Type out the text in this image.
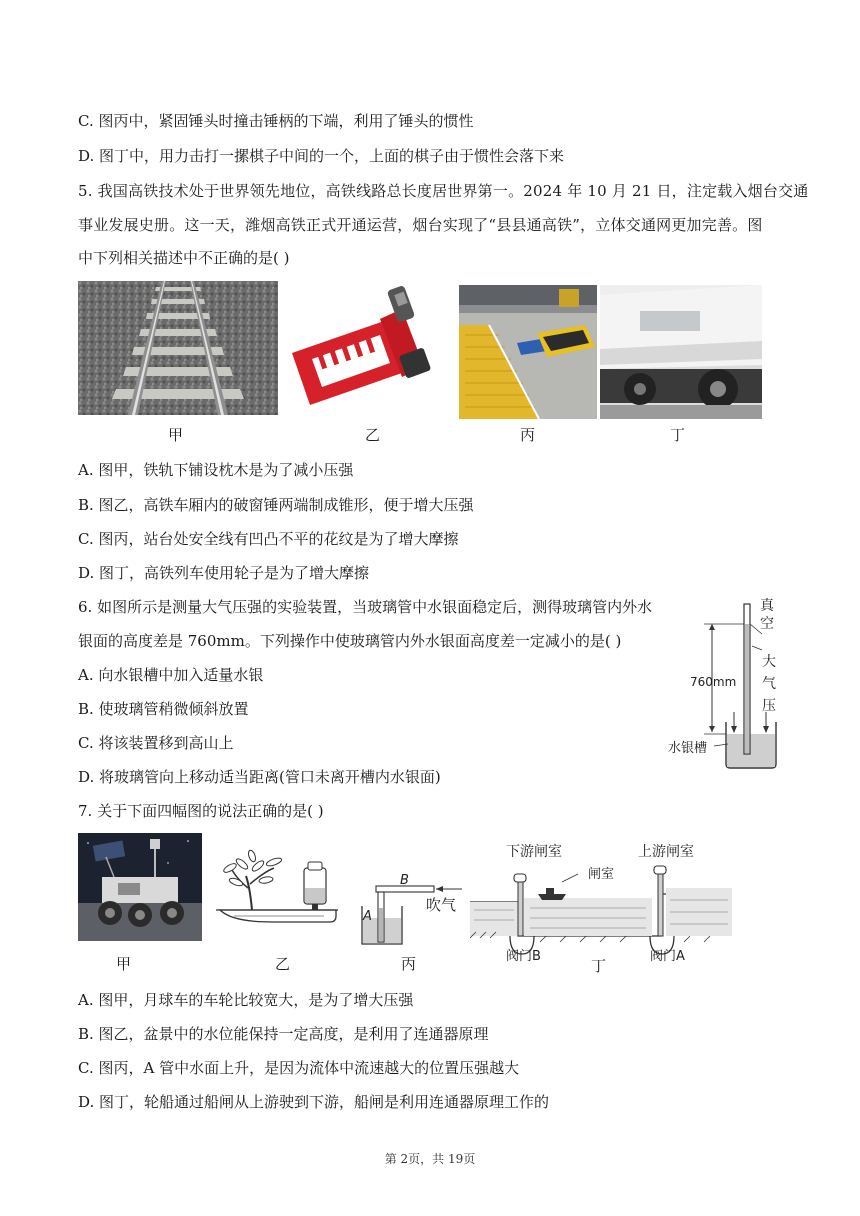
C. 图丙中，紧固锤头时撞击锤柄的下端，利用了锤头的惯性
D. 图丁中，用力击打一摞棋子中间的一个，上面的棋子由于惯性会落下来
5. 我国高铁技术处于世界领先地位，高铁线路总长度居世界第一。2024 年 10 月 21 日，注定载入烟台交通
事业发展史册。这一天，潍烟高铁正式开通运营，烟台实现了“县县通高铁”，立体交通网更加完善。图
中下列相关描述中不正确的是( )
甲	乙	丙	丁
A. 图甲，铁轨下铺设枕木是为了减小压强
B. 图乙，高铁车厢内的破窗锤两端制成锥形，便于增大压强
C. 图丙，站台处安全线有凹凸不平的花纹是为了增大摩擦
D. 图丁，高铁列车使用轮子是为了增大摩擦
6. 如图所示是测量大气压强的实验装置，当玻璃管中水银面稳定后，测得玻璃管内外水
银面的高度差是 760mm。下列操作中使玻璃管内外水银面高度差一定减小的是( )
A. 向水银槽中加入适量水银
B. 使玻璃管稍微倾斜放置
C. 将该装置移到高山上
D. 将玻璃管向上移动适当距离(管口未离开槽内水银面)
真
空
760mm
大
气
压
水银槽
7. 关于下面四幅图的说法正确的是( )
B
A
吹气
下游闸室	上游闸室
闸室
阀门B	阀门A
甲	乙	丙	丁
A. 图甲，月球车的车轮比较宽大，是为了增大压强
B. 图乙，盆景中的水位能保持一定高度，是利用了连通器原理
C. 图丙，A 管中水面上升，是因为流体中流速越大的位置压强越大
D. 图丁，轮船通过船闸从上游驶到下游，船闸是利用连通器原理工作的
第 2页，共 19页
